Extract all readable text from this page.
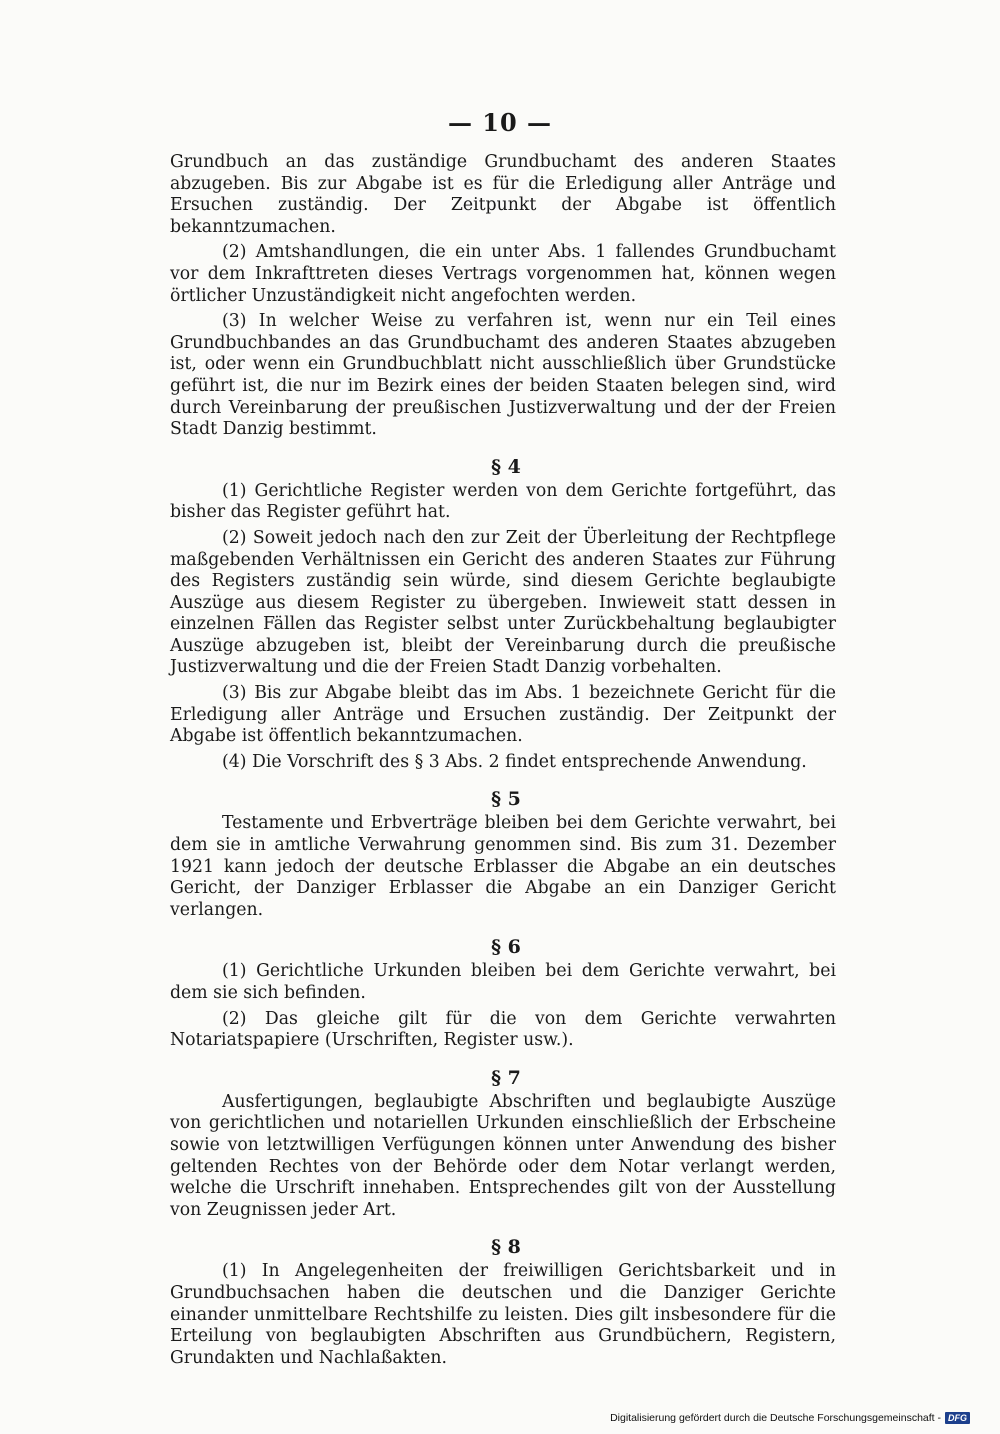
— 10 —

Grundbuch an das zuständige Grundbuchamt des anderen Staates abzugeben. Bis zur Abgabe ist es für die Erledigung aller Anträge und Ersuchen zuständig. Der Zeitpunkt der Abgabe ist öffentlich bekanntzumachen.

(2) Amtshandlungen, die ein unter Abs. 1 fallendes Grundbuchamt vor dem Inkrafttreten dieses Vertrags vorgenommen hat, können wegen örtlicher Unzuständigkeit nicht angefochten werden.

(3) In welcher Weise zu verfahren ist, wenn nur ein Teil eines Grundbuchbandes an das Grundbuchamt des anderen Staates abzugeben ist, oder wenn ein Grundbuchblatt nicht ausschließlich über Grundstücke geführt ist, die nur im Bezirk eines der beiden Staaten belegen sind, wird durch Vereinbarung der preußischen Justizverwaltung und der der Freien Stadt Danzig bestimmt.

§ 4

(1) Gerichtliche Register werden von dem Gerichte fortgeführt, das bisher das Register geführt hat.

(2) Soweit jedoch nach den zur Zeit der Überleitung der Rechtpflege maßgebenden Verhältnissen ein Gericht des anderen Staates zur Führung des Registers zuständig sein würde, sind diesem Gerichte beglaubigte Auszüge aus diesem Register zu übergeben. Inwieweit statt dessen in einzelnen Fällen das Register selbst unter Zurückbehaltung beglaubigter Auszüge abzugeben ist, bleibt der Vereinbarung durch die preußische Justizverwaltung und die der Freien Stadt Danzig vorbehalten.

(3) Bis zur Abgabe bleibt das im Abs. 1 bezeichnete Gericht für die Erledigung aller Anträge und Ersuchen zuständig. Der Zeitpunkt der Abgabe ist öffentlich bekanntzumachen.

(4) Die Vorschrift des § 3 Abs. 2 findet entsprechende Anwendung.

§ 5

Testamente und Erbverträge bleiben bei dem Gerichte verwahrt, bei dem sie in amtliche Verwahrung genommen sind. Bis zum 31. Dezember 1921 kann jedoch der deutsche Erblasser die Abgabe an ein deutsches Gericht, der Danziger Erblasser die Abgabe an ein Danziger Gericht verlangen.

§ 6

(1) Gerichtliche Urkunden bleiben bei dem Gerichte verwahrt, bei dem sie sich befinden.

(2) Das gleiche gilt für die von dem Gerichte verwahrten Notariatspapiere (Urschriften, Register usw.).

§ 7

Ausfertigungen, beglaubigte Abschriften und beglaubigte Auszüge von gerichtlichen und notariellen Urkunden einschließlich der Erbscheine sowie von letztwilligen Verfügungen können unter Anwendung des bisher geltenden Rechtes von der Behörde oder dem Notar verlangt werden, welche die Urschrift innehaben. Entsprechendes gilt von der Ausstellung von Zeugnissen jeder Art.

§ 8

(1) In Angelegenheiten der freiwilligen Gerichtsbarkeit und in Grundbuchsachen haben die deutschen und die Danziger Gerichte einander unmittelbare Rechtshilfe zu leisten. Dies gilt insbesondere für die Erteilung von beglaubigten Abschriften aus Grundbüchern, Registern, Grundakten und Nachlaßakten.

Digitalisierung gefördert durch die Deutsche Forschungsgemeinschaft - DFG
